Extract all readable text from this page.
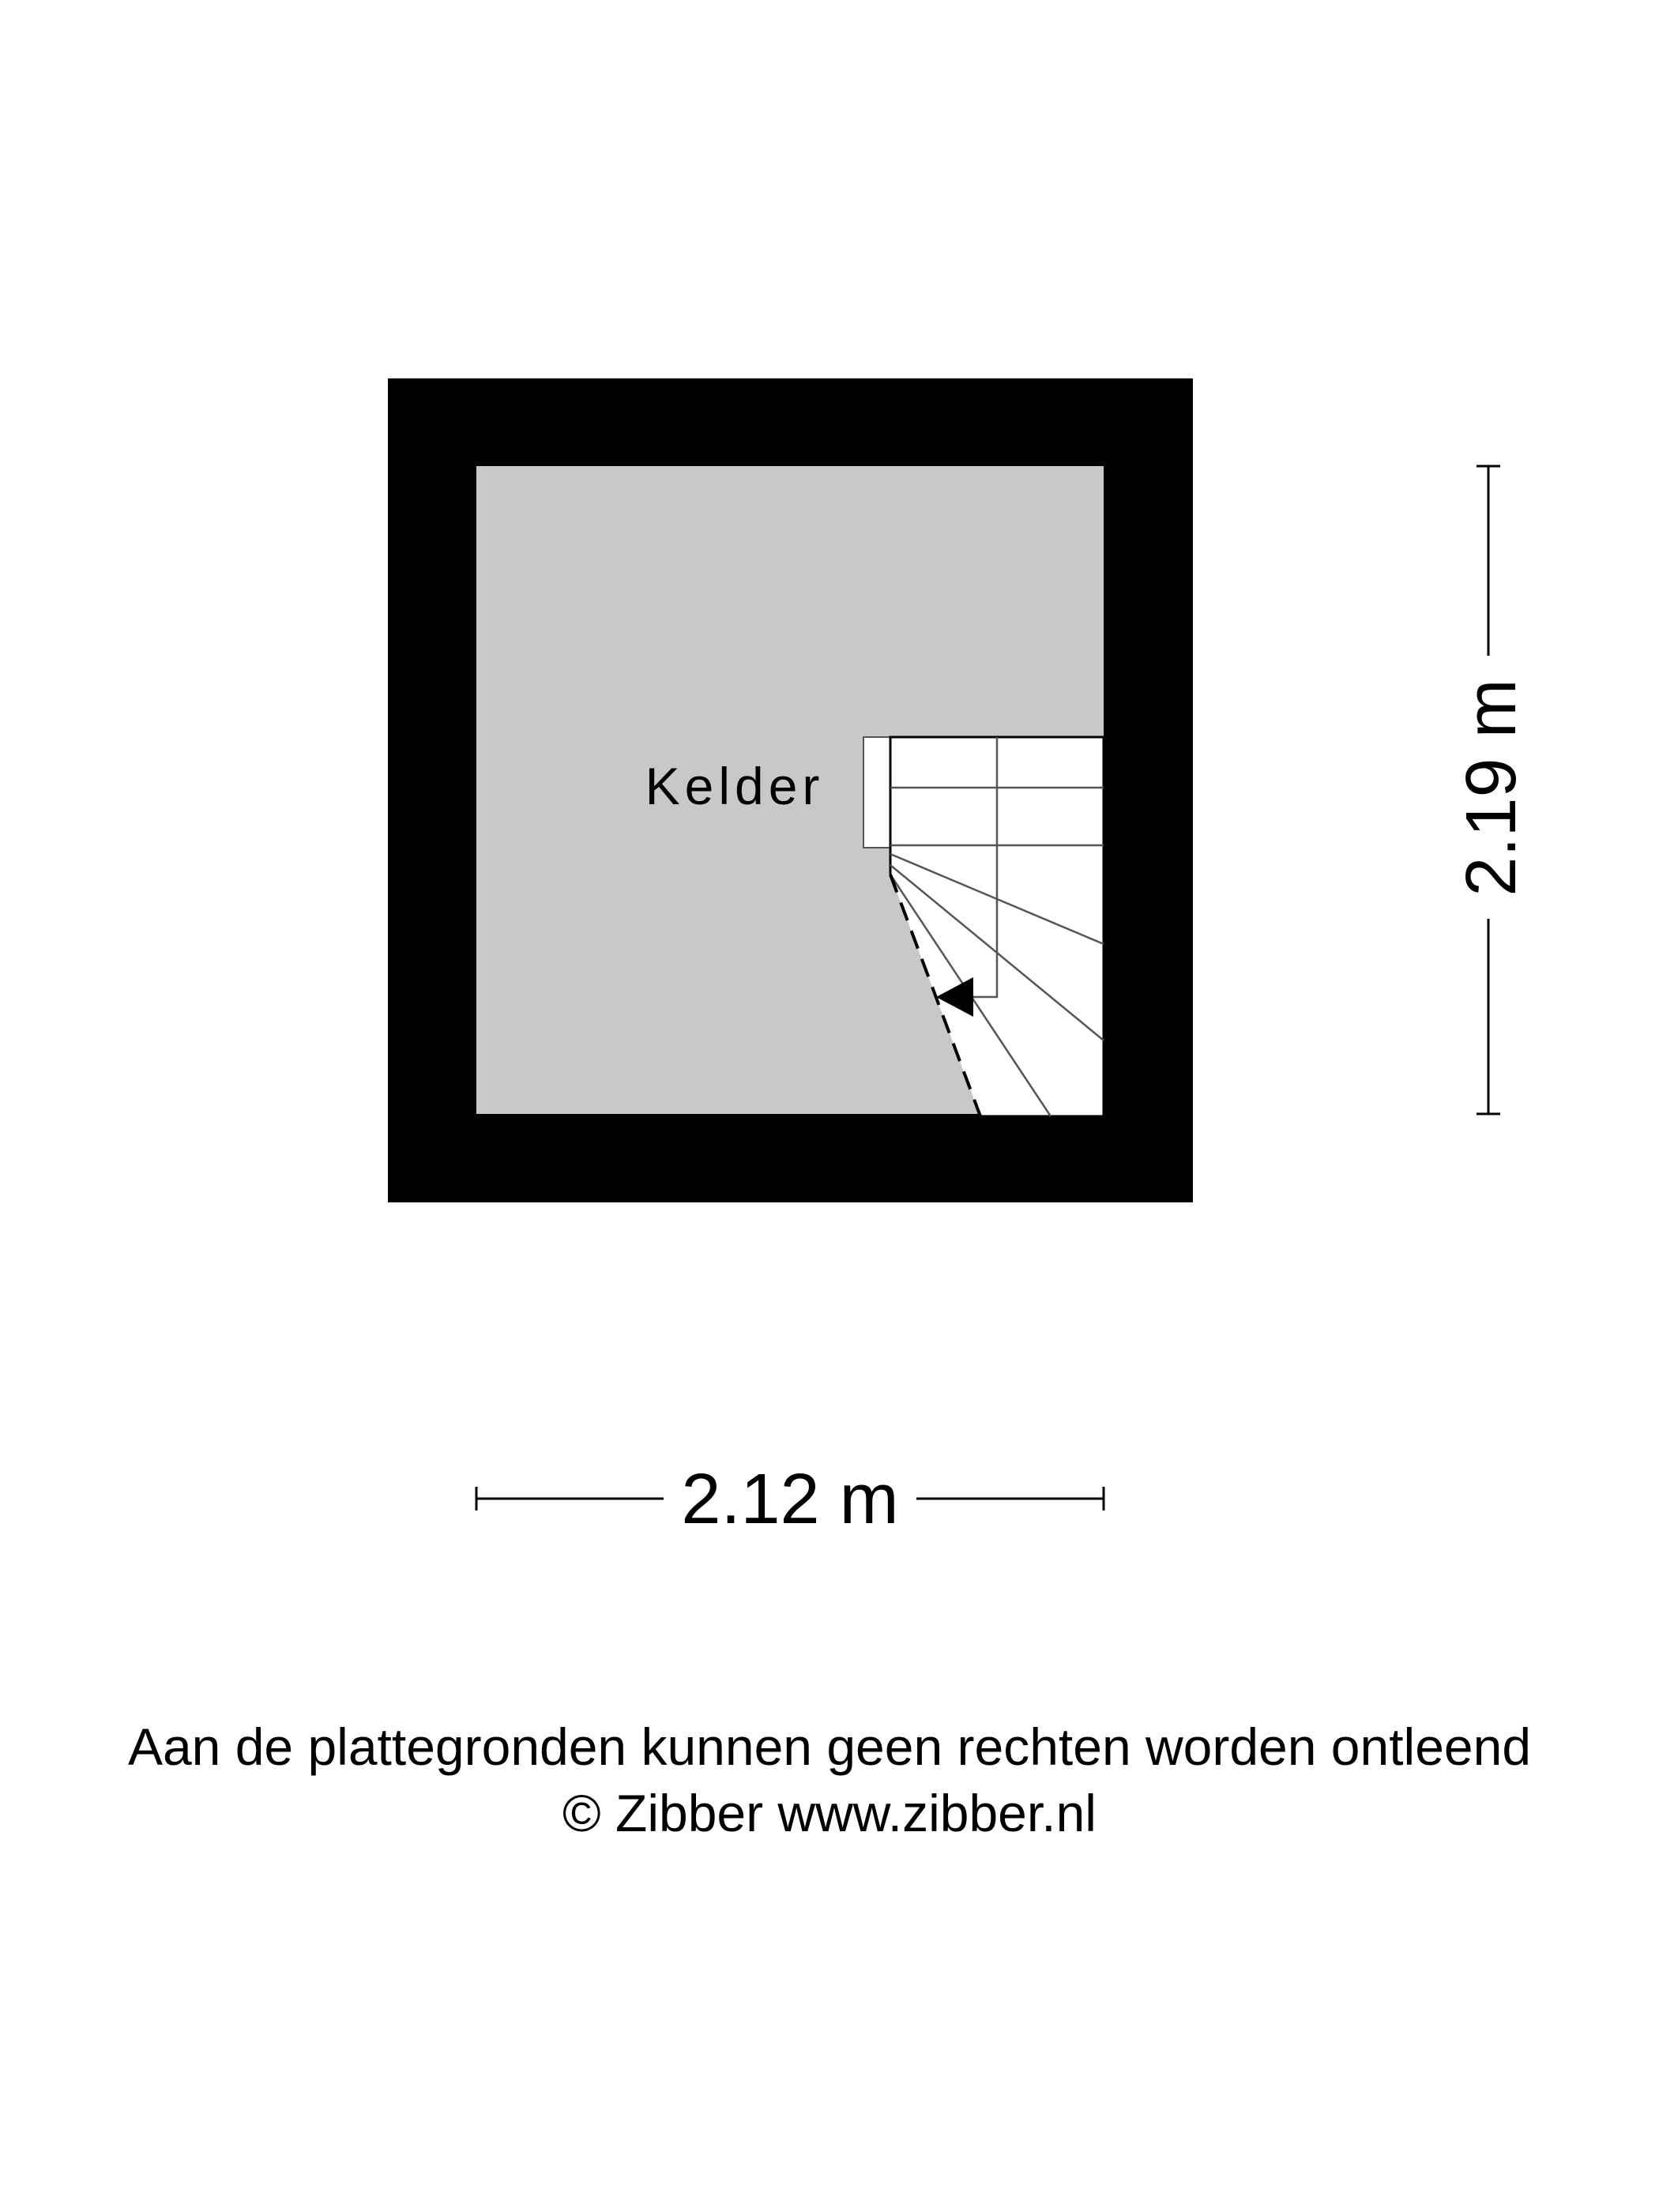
Kelder
2.12 m
2.19 m
Aan de plattegronden kunnen geen rechten worden ontleend
© Zibber www.zibber.nl
